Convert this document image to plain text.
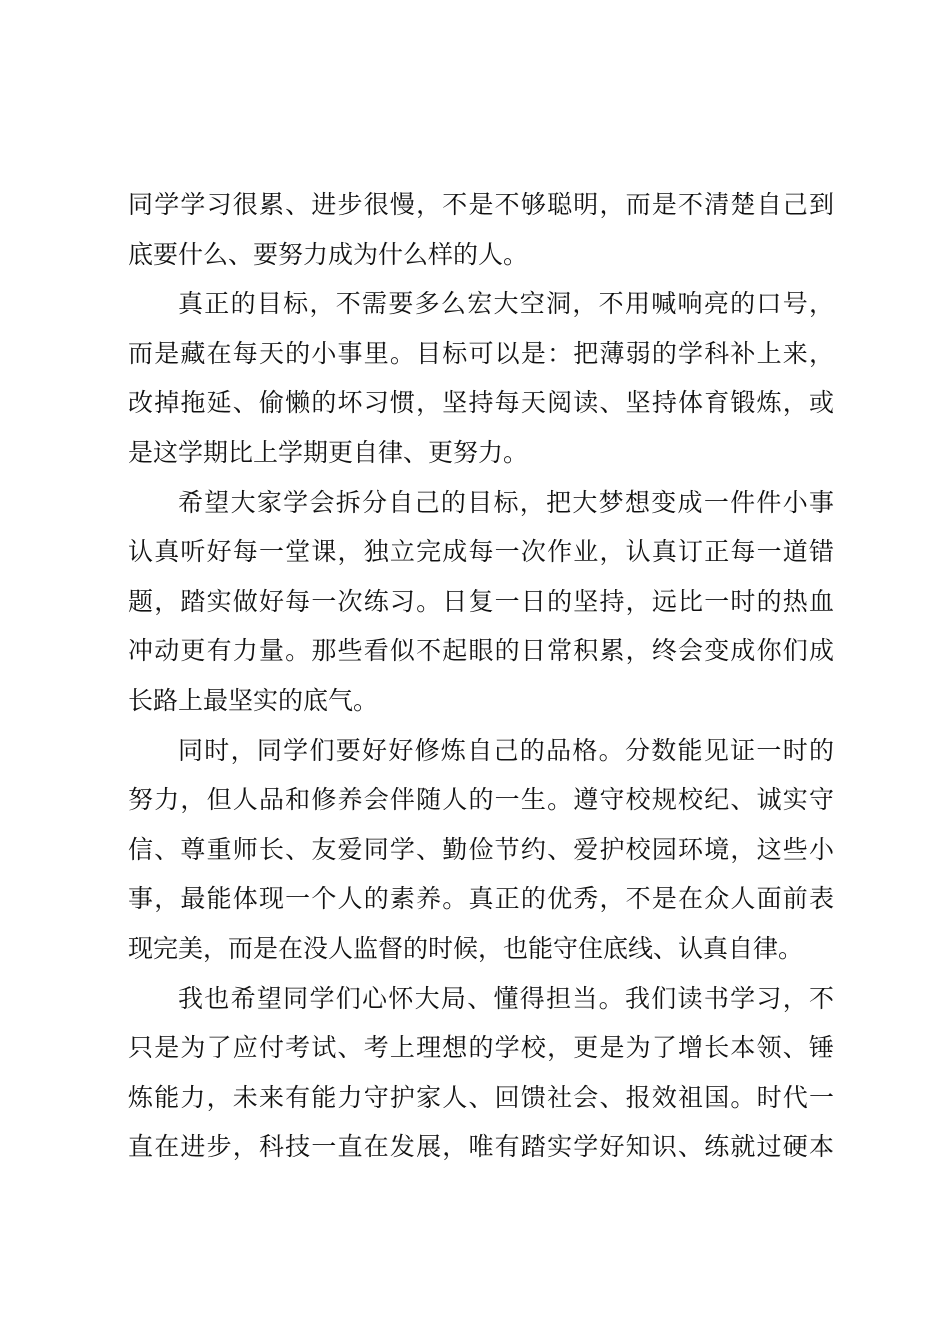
同学学习很累、进步很慢，不是不够聪明，而是不清楚自己到
底要什么、要努力成为什么样的人。
真正的目标，不需要多么宏大空洞，不用喊响亮的口号，
而是藏在每天的小事里。目标可以是：把薄弱的学科补上来，
改掉拖延、偷懒的坏习惯，坚持每天阅读、坚持体育锻炼，或
是这学期比上学期更自律、更努力。
希望大家学会拆分自己的目标，把大梦想变成一件件小事
认真听好每一堂课，独立完成每一次作业，认真订正每一道错
题，踏实做好每一次练习。日复一日的坚持，远比一时的热血
冲动更有力量。那些看似不起眼的日常积累，终会变成你们成
长路上最坚实的底气。
同时，同学们要好好修炼自己的品格。分数能见证一时的
努力，但人品和修养会伴随人的一生。遵守校规校纪、诚实守
信、尊重师长、友爱同学、勤俭节约、爱护校园环境，这些小
事，最能体现一个人的素养。真正的优秀，不是在众人面前表
现完美，而是在没人监督的时候，也能守住底线、认真自律。
我也希望同学们心怀大局、懂得担当。我们读书学习，不
只是为了应付考试、考上理想的学校，更是为了增长本领、锤
炼能力，未来有能力守护家人、回馈社会、报效祖国。时代一
直在进步，科技一直在发展，唯有踏实学好知识、练就过硬本
